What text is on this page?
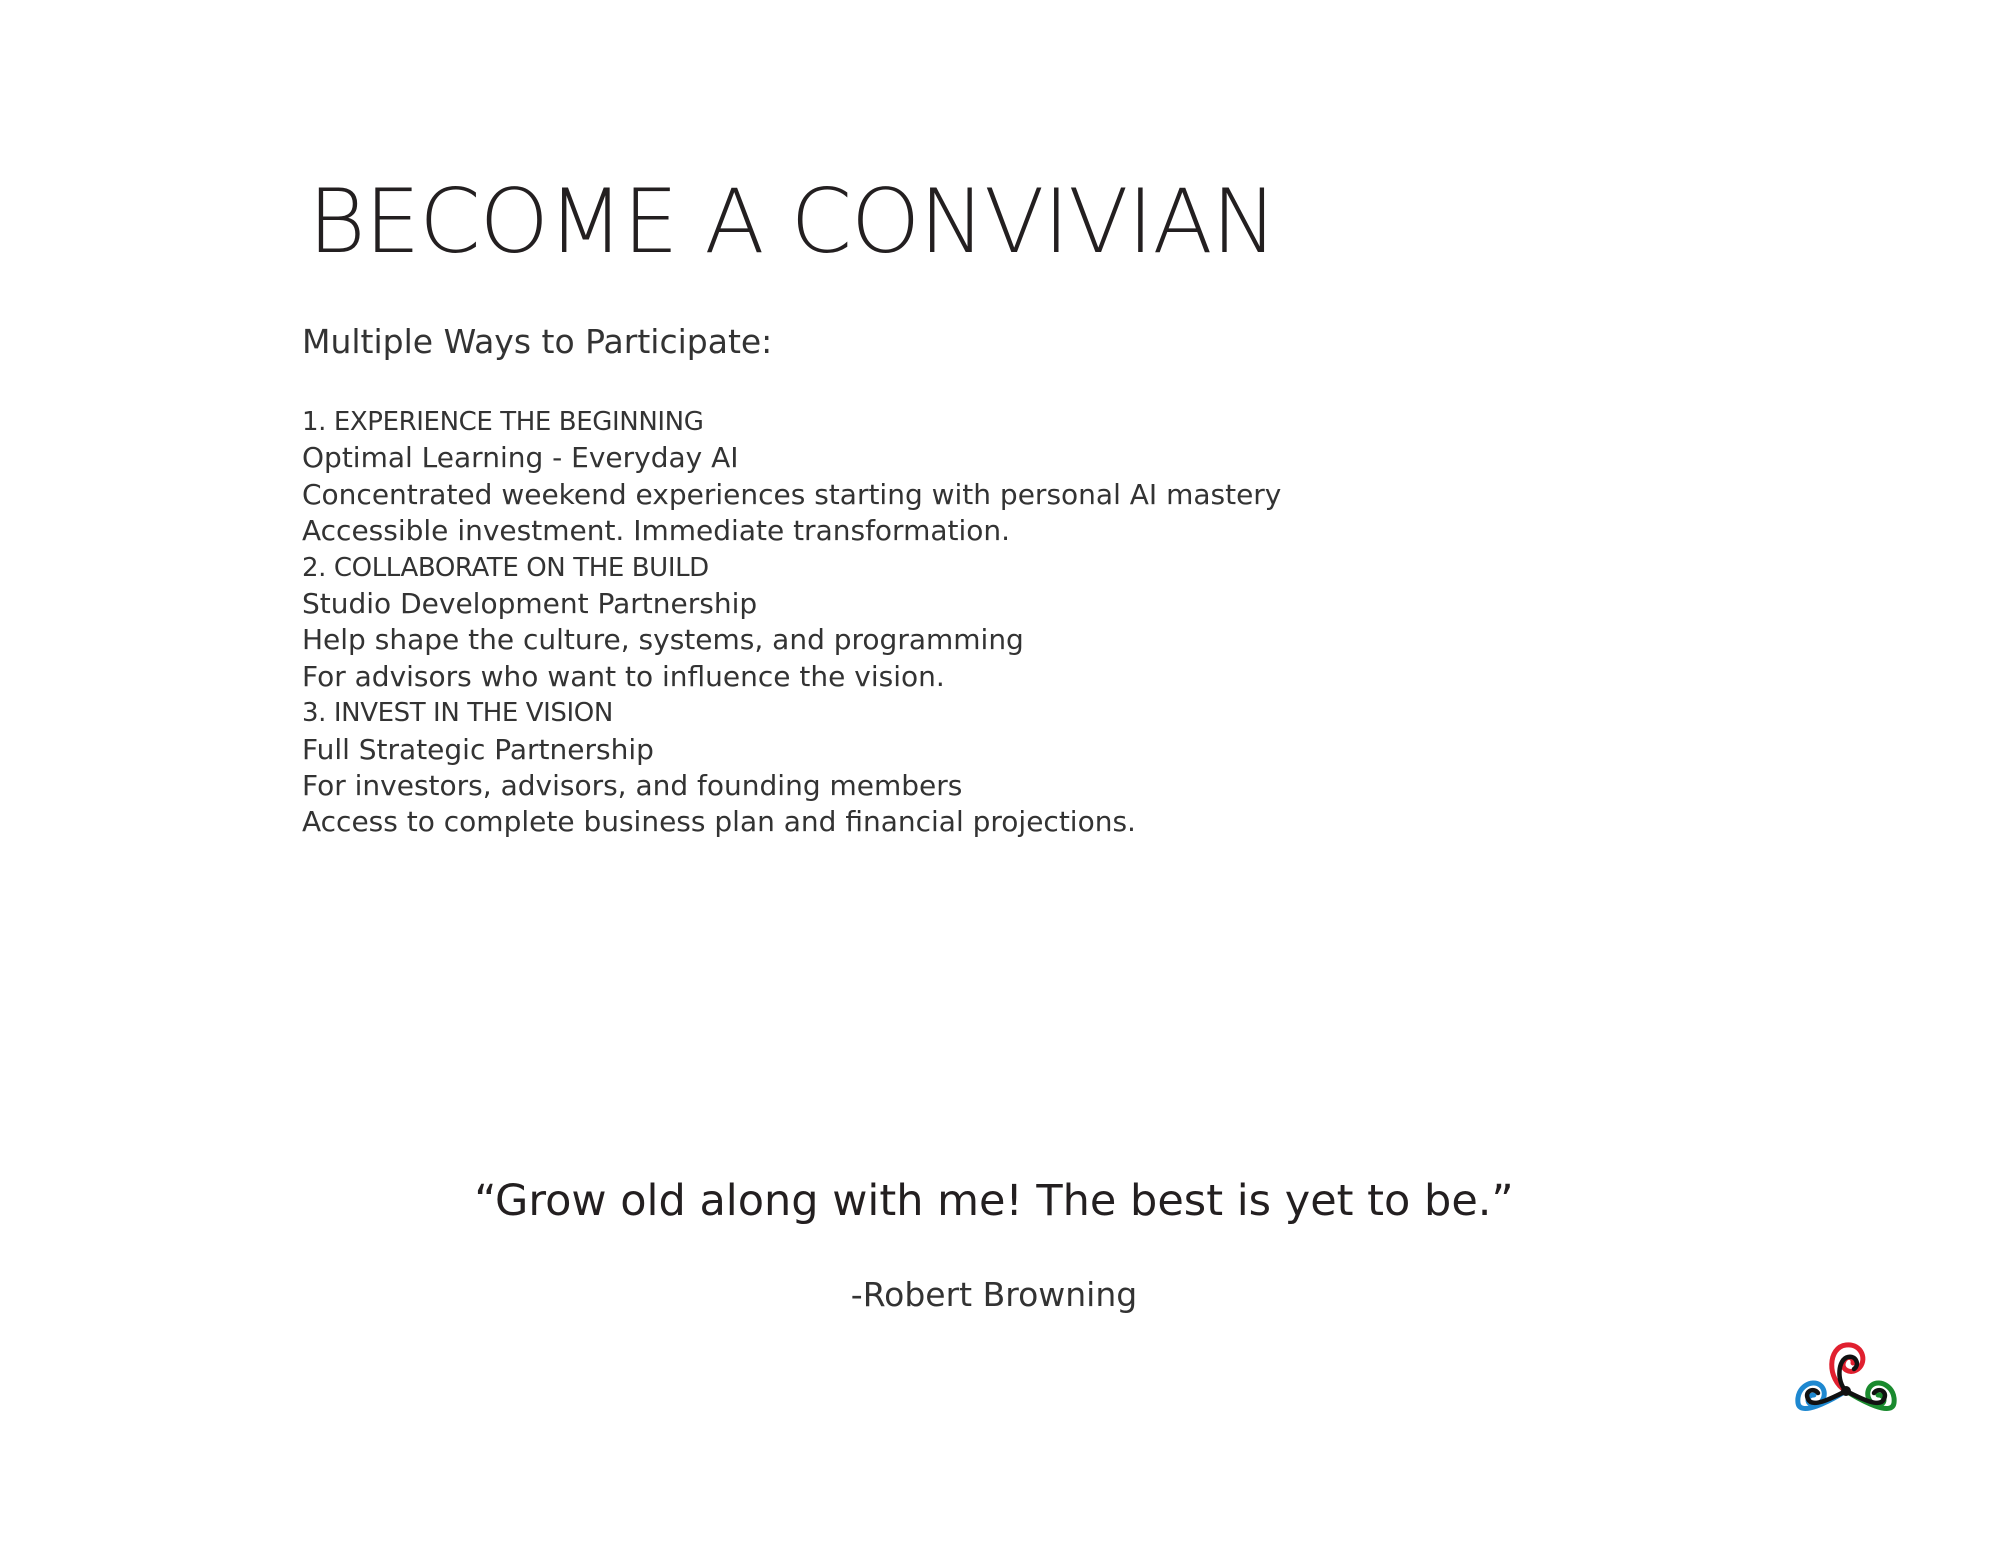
BECOME A CONVIVIAN
Multiple Ways to Participate:
1. EXPERIENCE THE BEGINNING
Optimal Learning - Everyday AI
Concentrated weekend experiences starting with personal AI mastery
Accessible investment. Immediate transformation.
2. COLLABORATE ON THE BUILD
Studio Development Partnership
Help shape the culture, systems, and programming
For advisors who want to influence the vision.
3. INVEST IN THE VISION
Full Strategic Partnership
For investors, advisors, and founding members
Access to complete business plan and financial projections.
“Grow old along with me! The best is yet to be.”
-Robert Browning
